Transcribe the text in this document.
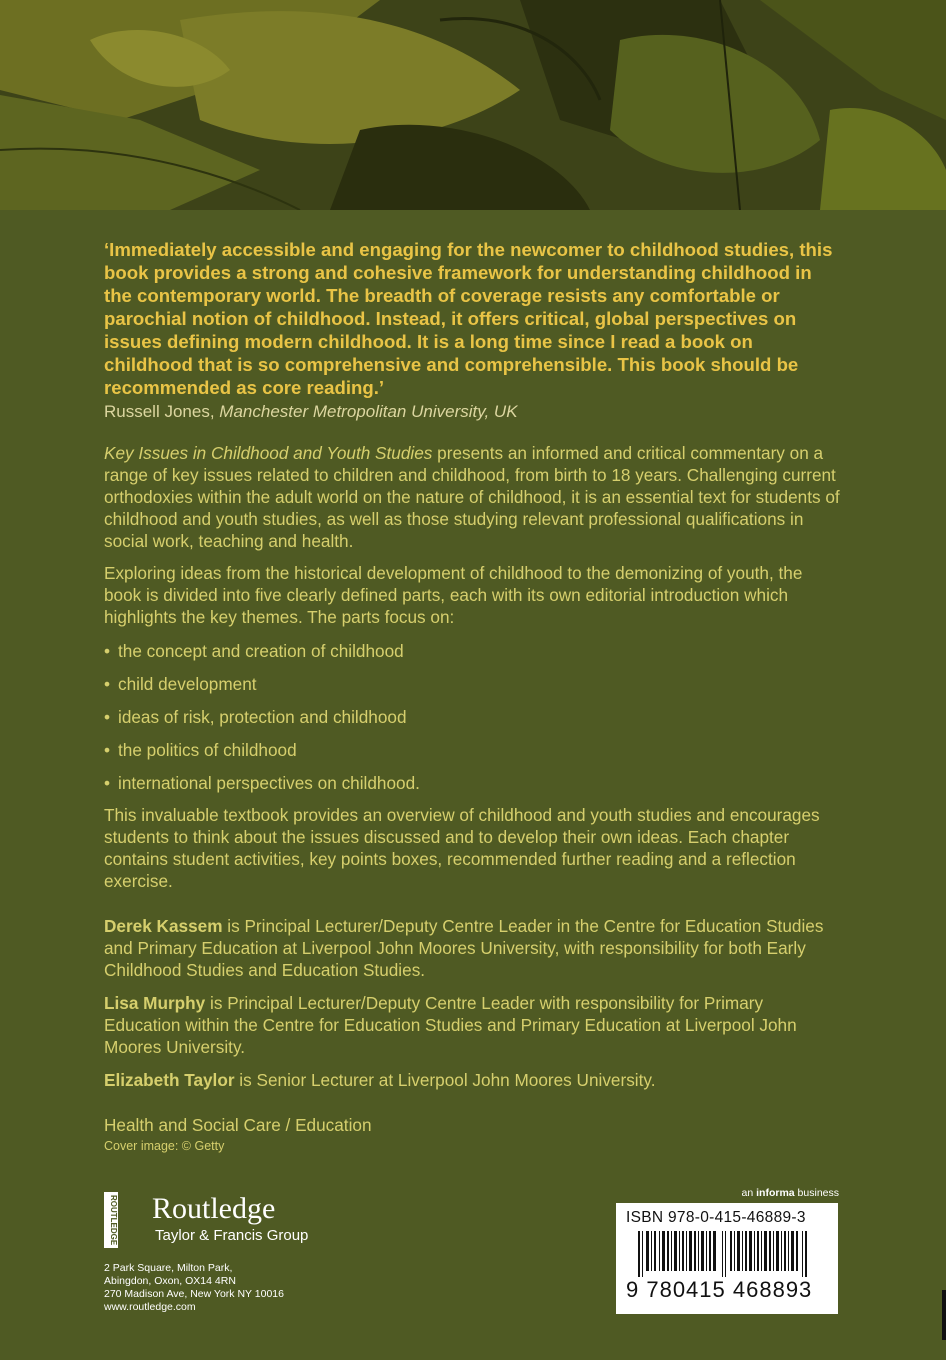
‘Immediately accessible and engaging for the newcomer to childhood studies, this book provides a strong and cohesive framework for understanding childhood in the contemporary world. The breadth of coverage resists any comfortable or parochial notion of childhood. Instead, it offers critical, global perspectives on issues defining modern childhood. It is a long time since I read a book on childhood that is so comprehensive and comprehensible. This book should be recommended as core reading.’

Russell Jones, Manchester Metropolitan University, UK

Key Issues in Childhood and Youth Studies presents an informed and critical commentary on a range of key issues related to children and childhood, from birth to 18 years. Challenging current orthodoxies within the adult world on the nature of childhood, it is an essential text for students of childhood and youth studies, as well as those studying relevant professional qualifications in social work, teaching and health.

Exploring ideas from the historical development of childhood to the demonizing of youth, the book is divided into five clearly defined parts, each with its own editorial introduction which highlights the key themes. The parts focus on:

• the concept and creation of childhood
• child development
• ideas of risk, protection and childhood
• the politics of childhood
• international perspectives on childhood.

This invaluable textbook provides an overview of childhood and youth studies and encourages students to think about the issues discussed and to develop their own ideas. Each chapter contains student activities, key points boxes, recommended further reading and a reflection exercise.

Derek Kassem is Principal Lecturer/Deputy Centre Leader in the Centre for Education Studies and Primary Education at Liverpool John Moores University, with responsibility for both Early Childhood Studies and Education Studies.

Lisa Murphy is Principal Lecturer/Deputy Centre Leader with responsibility for Primary Education within the Centre for Education Studies and Primary Education at Liverpool John Moores University.

Elizabeth Taylor is Senior Lecturer at Liverpool John Moores University.

Health and Social Care / Education

Cover image: © Getty

ROUTLEDGE Routledge
Taylor & Francis Group
2 Park Square, Milton Park,
Abingdon, Oxon, OX14 4RN
270 Madison Ave, New York NY 10016
www.routledge.com
an informa business
ISBN 978-0-415-46889-3
9 780415 468893
